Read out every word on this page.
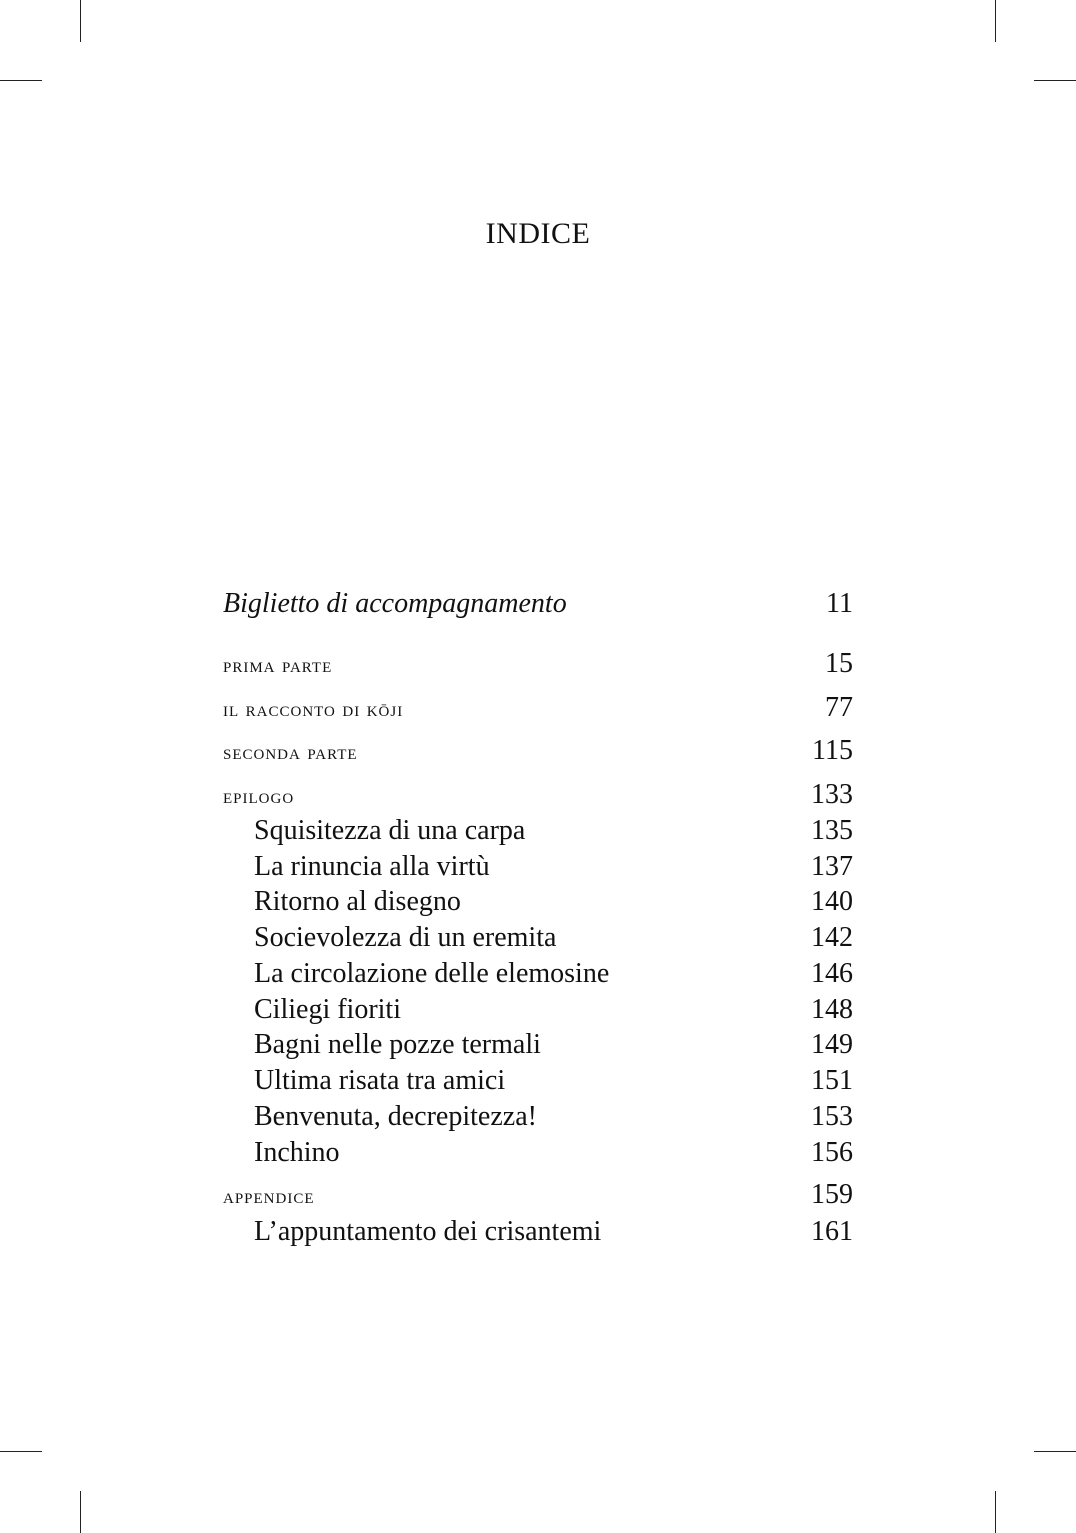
INDICE
Biglietto di accompagnamento	11
prima parte	15
il racconto di kōji	77
seconda parte	115
epilogo	133
Squisitezza di una carpa	135
La rinuncia alla virtù	137
Ritorno al disegno	140
Socievolezza di un eremita	142
La circolazione delle elemosine	146
Ciliegi fioriti	148
Bagni nelle pozze termali	149
Ultima risata tra amici	151
Benvenuta, decrepitezza!	153
Inchino	156
appendice	159
L’appuntamento dei crisantemi	161
